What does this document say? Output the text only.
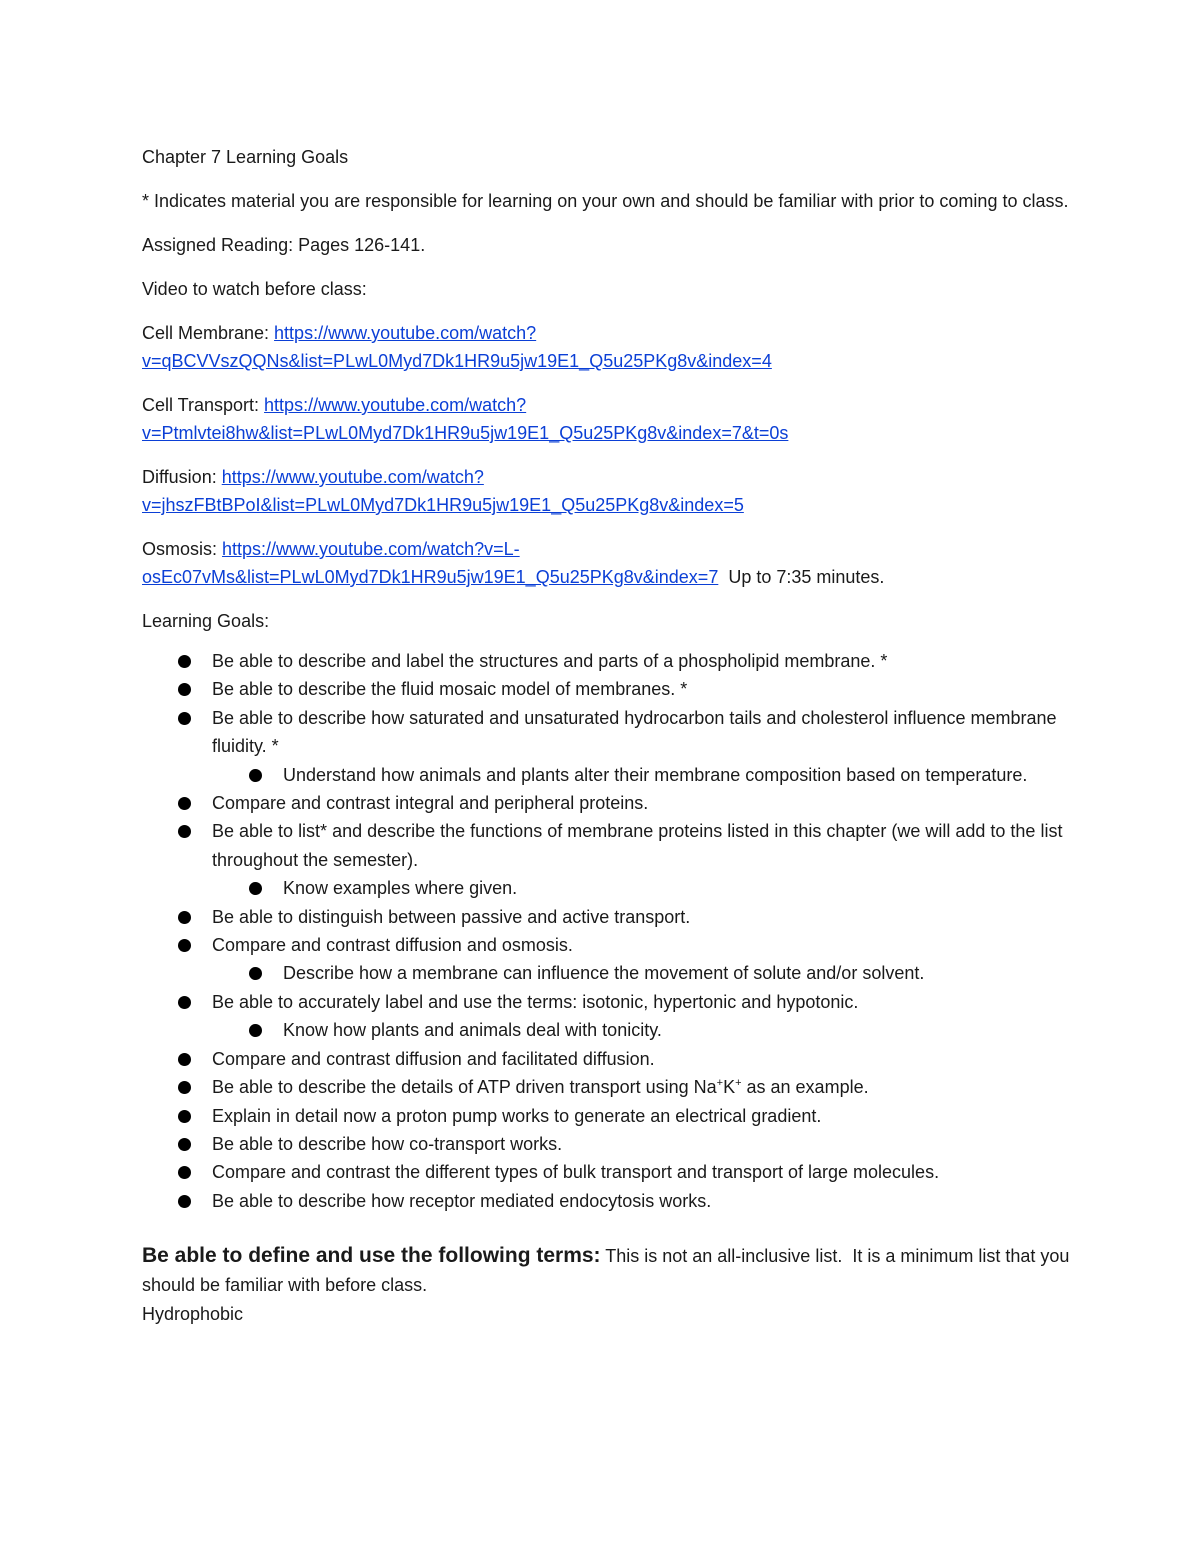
Chapter 7 Learning Goals

* Indicates material you are responsible for learning on your own and should be familiar with prior to coming to class.

Assigned Reading: Pages 126-141.

Video to watch before class:

Cell Membrane: https://www.youtube.com/watch?
v=qBCVVszQQNs&list=PLwL0Myd7Dk1HR9u5jw19E1_Q5u25PKg8v&index=4

Cell Transport: https://www.youtube.com/watch?
v=Ptmlvtei8hw&list=PLwL0Myd7Dk1HR9u5jw19E1_Q5u25PKg8v&index=7&t=0s

Diffusion: https://www.youtube.com/watch?
v=jhszFBtBPoI&list=PLwL0Myd7Dk1HR9u5jw19E1_Q5u25PKg8v&index=5

Osmosis: https://www.youtube.com/watch?v=L-
osEc07vMs&list=PLwL0Myd7Dk1HR9u5jw19E1_Q5u25PKg8v&index=7  Up to 7:35 minutes.

Learning Goals:

Be able to describe and label the structures and parts of a phospholipid membrane. *
Be able to describe the fluid mosaic model of membranes. *
Be able to describe how saturated and unsaturated hydrocarbon tails and cholesterol influence membrane fluidity. *
Understand how animals and plants alter their membrane composition based on temperature.
Compare and contrast integral and peripheral proteins.
Be able to list* and describe the functions of membrane proteins listed in this chapter (we will add to the list throughout the semester).
Know examples where given.
Be able to distinguish between passive and active transport.
Compare and contrast diffusion and osmosis.
Describe how a membrane can influence the movement of solute and/or solvent.
Be able to accurately label and use the terms: isotonic, hypertonic and hypotonic.
Know how plants and animals deal with tonicity.
Compare and contrast diffusion and facilitated diffusion.
Be able to describe the details of ATP driven transport using Na+K+ as an example.
Explain in detail now a proton pump works to generate an electrical gradient.
Be able to describe how co-transport works.
Compare and contrast the different types of bulk transport and transport of large molecules.
Be able to describe how receptor mediated endocytosis works.

Be able to define and use the following terms: This is not an all-inclusive list.  It is a minimum list that you should be familiar with before class.

Hydrophobic
